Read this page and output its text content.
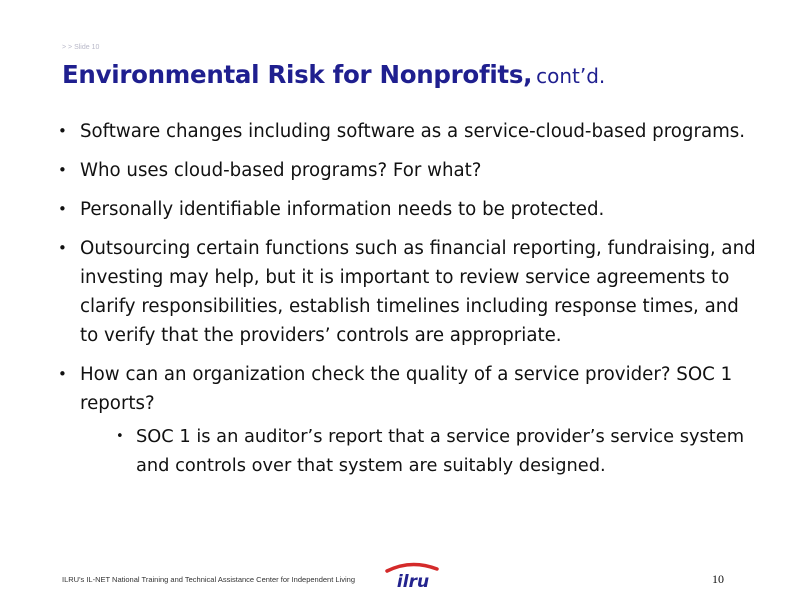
> > Slide 10
Environmental Risk for Nonprofits, cont’d.
• Software changes including software as a service-cloud-based programs.
• Who uses cloud-based programs? For what?
• Personally identifiable information needs to be protected.
• Outsourcing certain functions such as financial reporting, fundraising, and investing may help, but it is important to review service agreements to clarify responsibilities, establish timelines including response times, and to verify that the providers’ controls are appropriate.
• How can an organization check the quality of a service provider? SOC 1 reports?
• SOC 1 is an auditor’s report that a service provider’s service system and controls over that system are suitably designed.
ILRU's IL-NET National Training and Technical Assistance Center for Independent Living	ilru	10
